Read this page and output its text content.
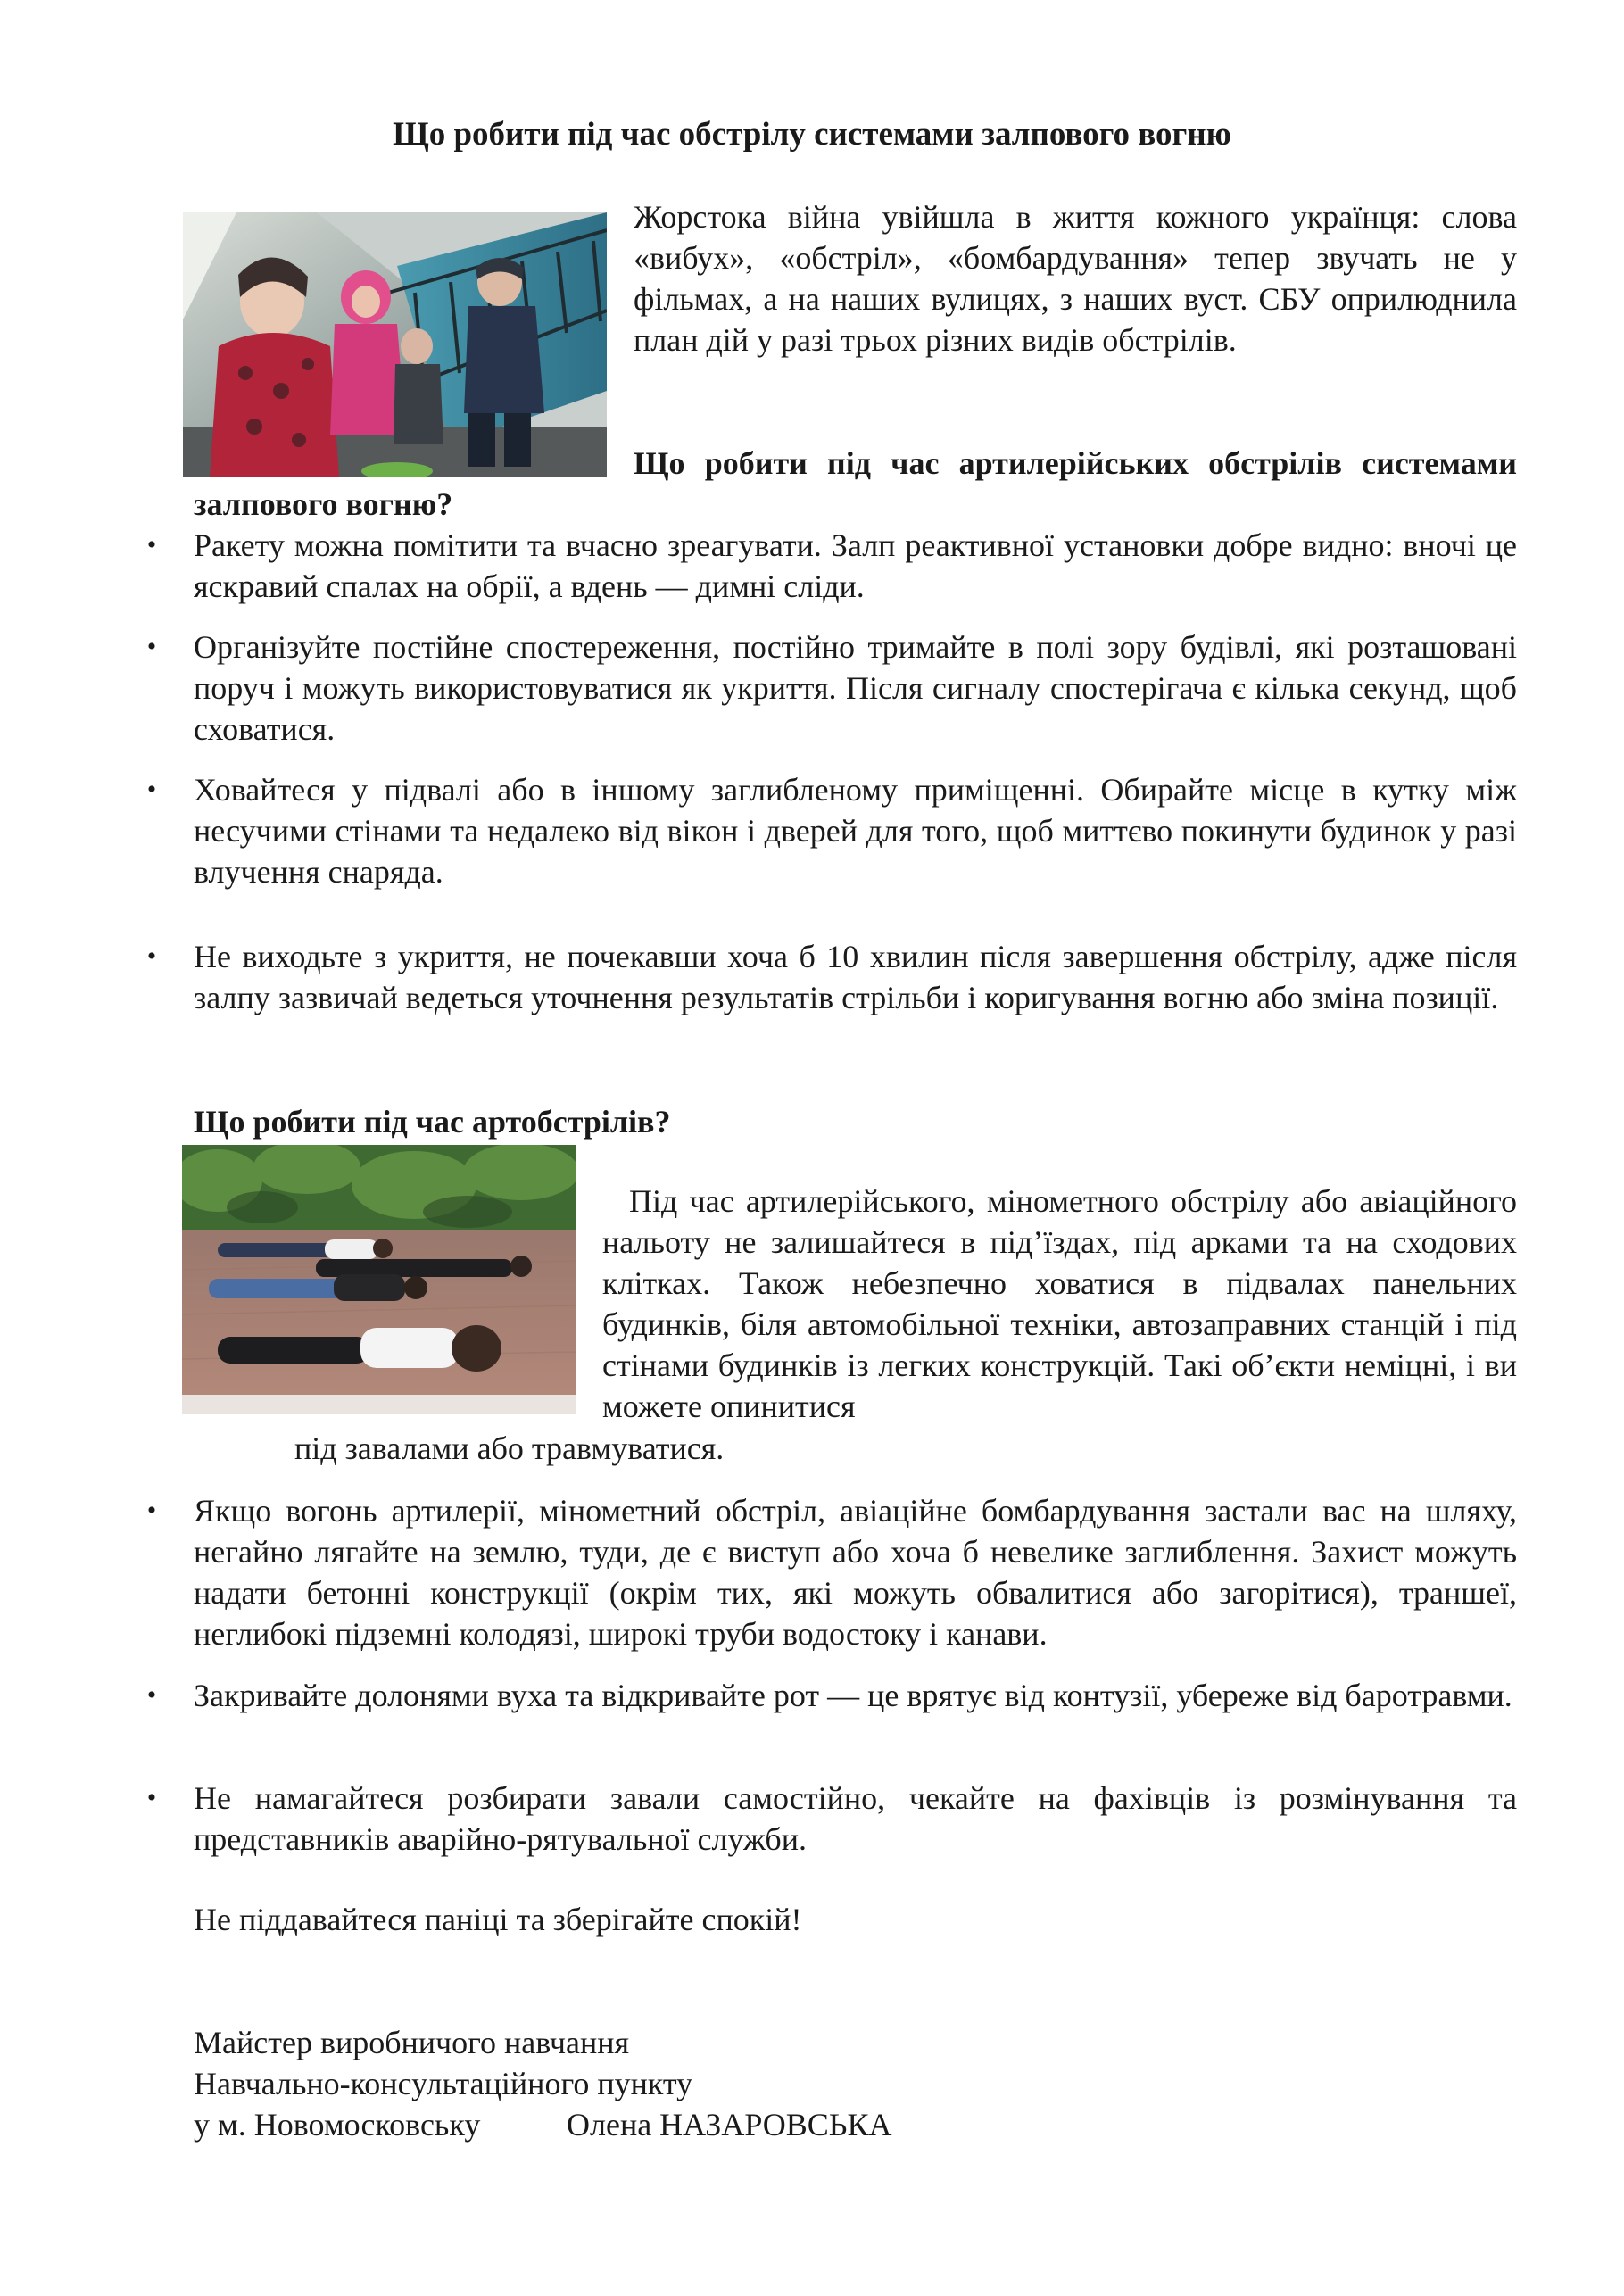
Що робити під час обстрілу системами залпового вогню
Жорстока війна увійшла в життя кожного українця: слова «вибух», «обстріл», «бомбардування» тепер звучать не у фільмах, а на наших вулицях, з наших вуст. СБУ оприлюднила план дій у разі трьох різних видів обстрілів.
Що робити під час артилерійських обстрілів системами залпового вогню?
• Ракету можна помітити та вчасно зреагувати. Залп реактивної установки добре видно: вночі це яскравий спалах на обрії, а вдень — димні сліди.
• Організуйте постійне спостереження, постійно тримайте в полі зору будівлі, які розташовані поруч і можуть використовуватися як укриття. Після сигналу спостерігача є кілька секунд, щоб сховатися.
• Ховайтеся у підвалі або в іншому заглибленому приміщенні. Обирайте місце в кутку між несучими стінами та недалеко від вікон і дверей для того, щоб миттєво покинути будинок у разі влучення снаряда.
• Не виходьте з укриття, не почекавши хоча б 10 хвилин після завершення обстрілу, адже після залпу зазвичай ведеться уточнення результатів стрільби і коригування вогню або зміна позиції.
Що робити під час артобстрілів?
Під час артилерійського, мінометного обстрілу або авіаційного нальоту не залишайтеся в під’їздах, під арками та на сходових клітках. Також небезпечно ховатися в підвалах панельних будинків, біля автомобільної техніки, автозаправних станцій і під стінами будинків із легких конструкцій. Такі об’єкти неміцні, і ви можете опинитися
під завалами або травмуватися.
• Якщо вогонь артилерії, мінометний обстріл, авіаційне бомбардування застали вас на шляху, негайно лягайте на землю, туди, де є виступ або хоча б невелике заглиблення. Захист можуть надати бетонні конструкції (окрім тих, які можуть обвалитися або загорітися), траншеї, неглибокі підземні колодязі, широкі труби водостоку і канави.
• Закривайте долонями вуха та відкривайте рот — це врятує від контузії, убереже від баротравми.
• Не намагайтеся розбирати завали самостійно, чекайте на фахівців із розмінування та представників аварійно-рятувальної служби.
Не піддавайтеся паніці та зберігайте спокій!
Майстер виробничого навчання
Навчально-консультаційного пункту
у м. Новомосковську	Олена НАЗАРОВСЬКА
